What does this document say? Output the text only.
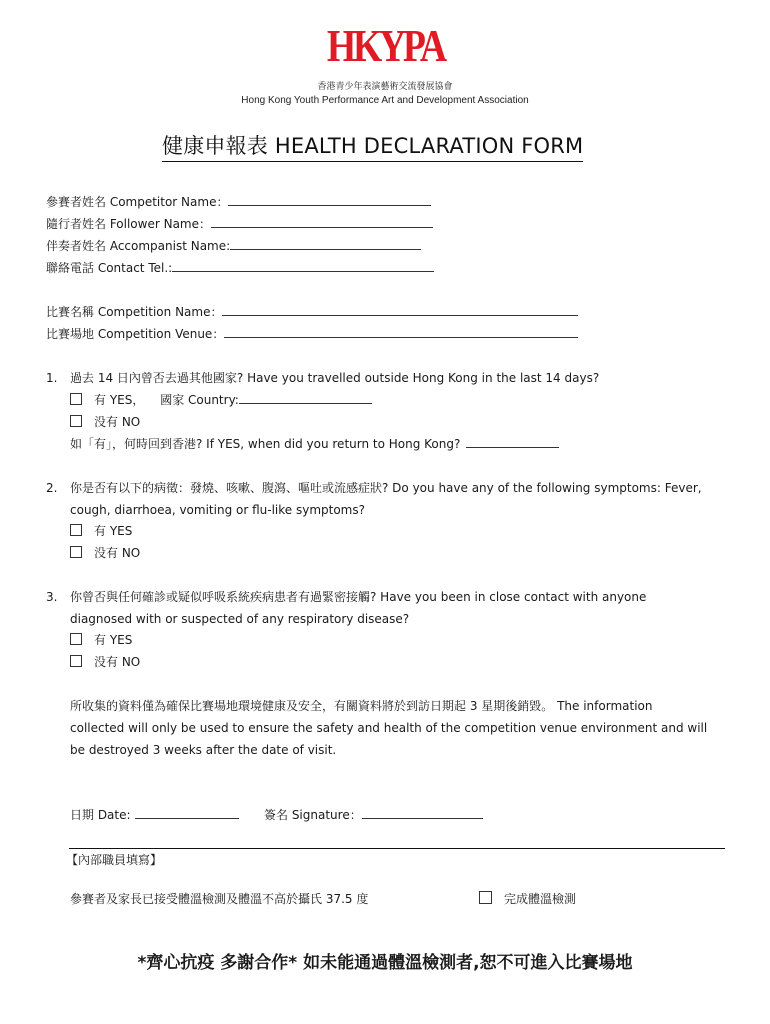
HKYPA
香港青少年表演藝術交流發展協會
Hong Kong Youth Performance Art and Development Association
健康申報表 HEALTH DECLARATION FORM
參賽者姓名 Competitor Name：
隨行者姓名 Follower Name：
伴奏者姓名 Accompanist Name:
聯絡電話 Contact Tel.:
比賽名稱 Competition Name：
比賽場地 Competition Venue：
1. 過去 14 日內曾否去過其他國家? Have you travelled outside Hong Kong in the last 14 days?
有 YES， 國家 Country:
没有 NO
如「有」，何時回到香港? If YES, when did you return to Hong Kong?
2. 你是否有以下的病徵：發燒、咳嗽、腹瀉、嘔吐或流感症狀? Do you have any of the following symptoms: Fever,
cough, diarrhoea, vomiting or flu-like symptoms?
有 YES
没有 NO
3. 你曾否與任何確診或疑似呼吸系統疾病患者有過緊密接觸? Have you been in close contact with anyone
diagnosed with or suspected of any respiratory disease?
有 YES
没有 NO
所收集的資料僅為確保比賽場地環境健康及安全，有關資料將於到訪日期起 3 星期後銷毀。 The information
collected will only be used to ensure the safety and health of the competition venue environment and will
be destroyed 3 weeks after the date of visit.
日期 Date:	簽名 Signature：
【內部職員填寫】
參賽者及家長已接受體溫檢測及體溫不高於攝氏 37.5 度	完成體溫檢測
*齊心抗疫 多謝合作* 如未能通過體溫檢測者,恕不可進入比賽場地
